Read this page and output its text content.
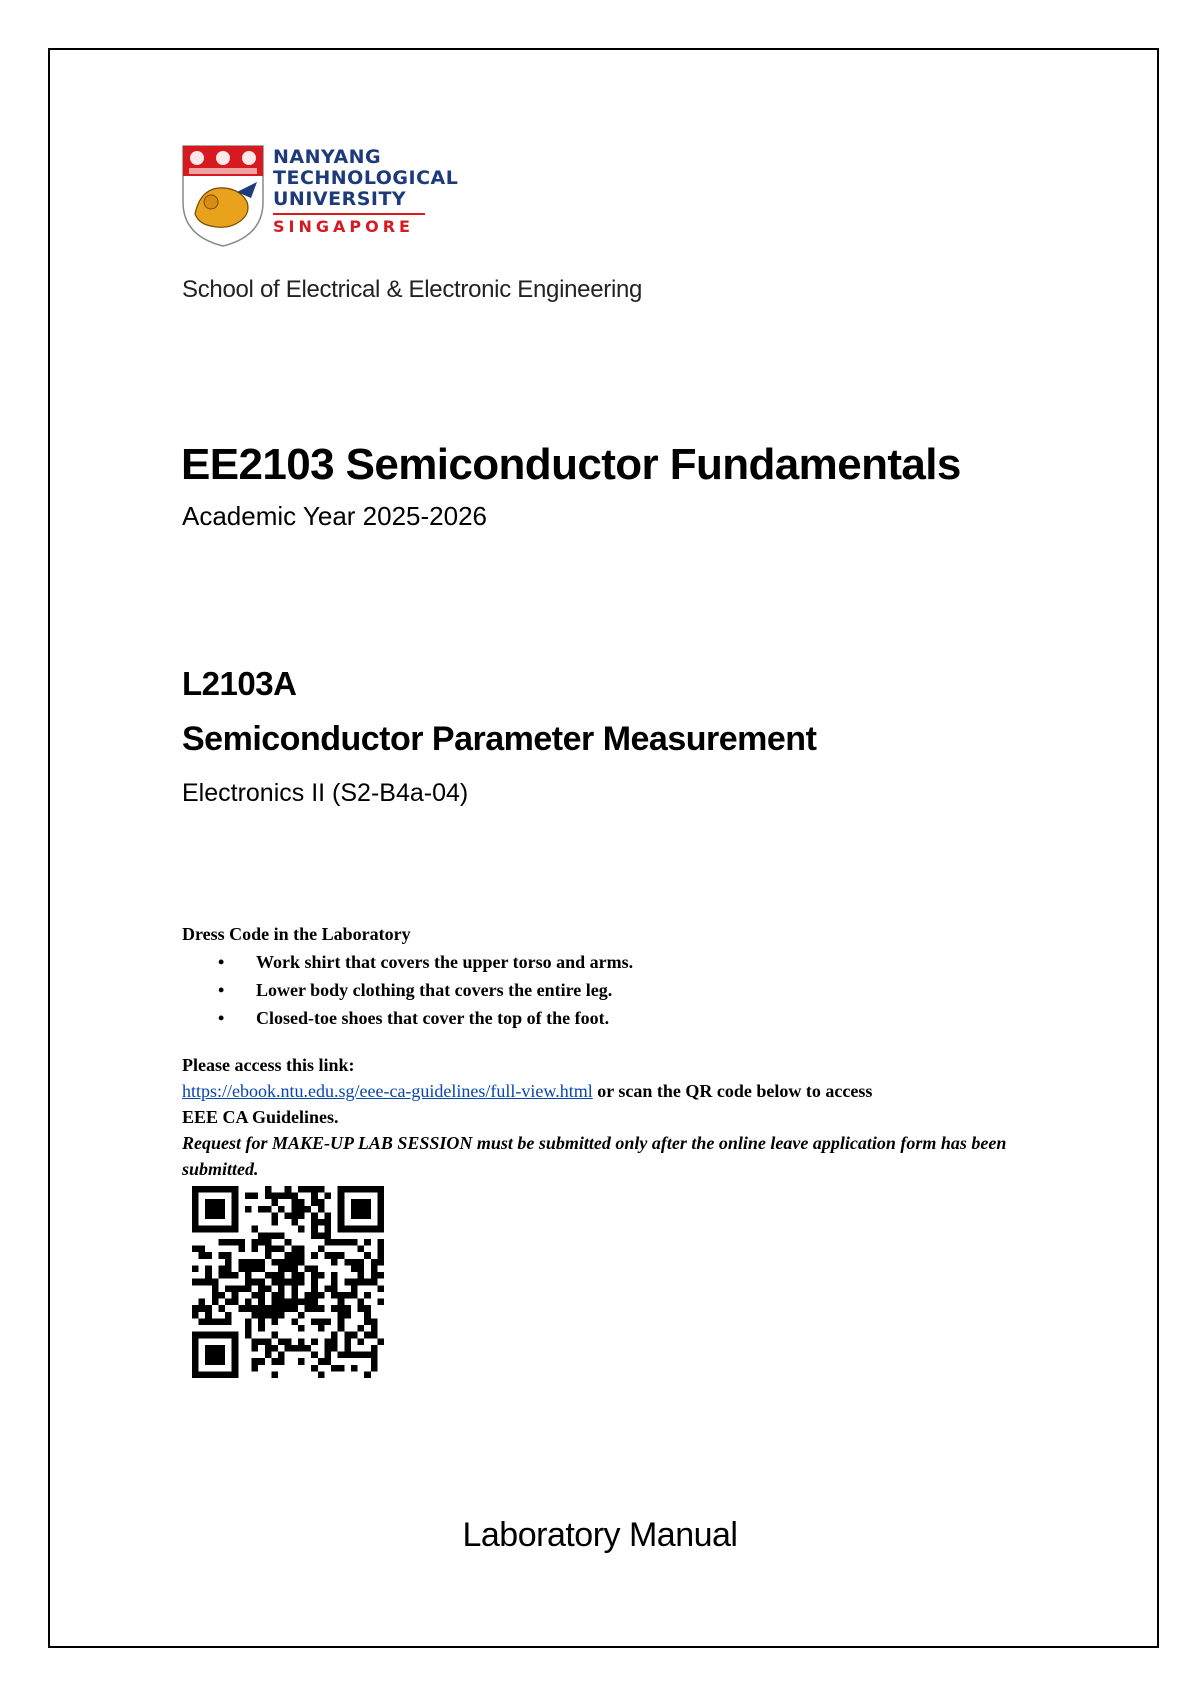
NANYANG
TECHNOLOGICAL
UNIVERSITY
SINGAPORE
School of Electrical & Electronic Engineering
EE2103 Semiconductor Fundamentals
Academic Year 2025-2026
L2103A
Semiconductor Parameter Measurement
Electronics II (S2-B4a-04)
Dress Code in the Laboratory
• Work shirt that covers the upper torso and arms.
• Lower body clothing that covers the entire leg.
• Closed-toe shoes that cover the top of the foot.
Please access this link:
https://ebook.ntu.edu.sg/eee-ca-guidelines/full-view.html or scan the QR code below to access
EEE CA Guidelines.
Request for MAKE-UP LAB SESSION must be submitted only after the online leave application form has been submitted.
Laboratory Manual
